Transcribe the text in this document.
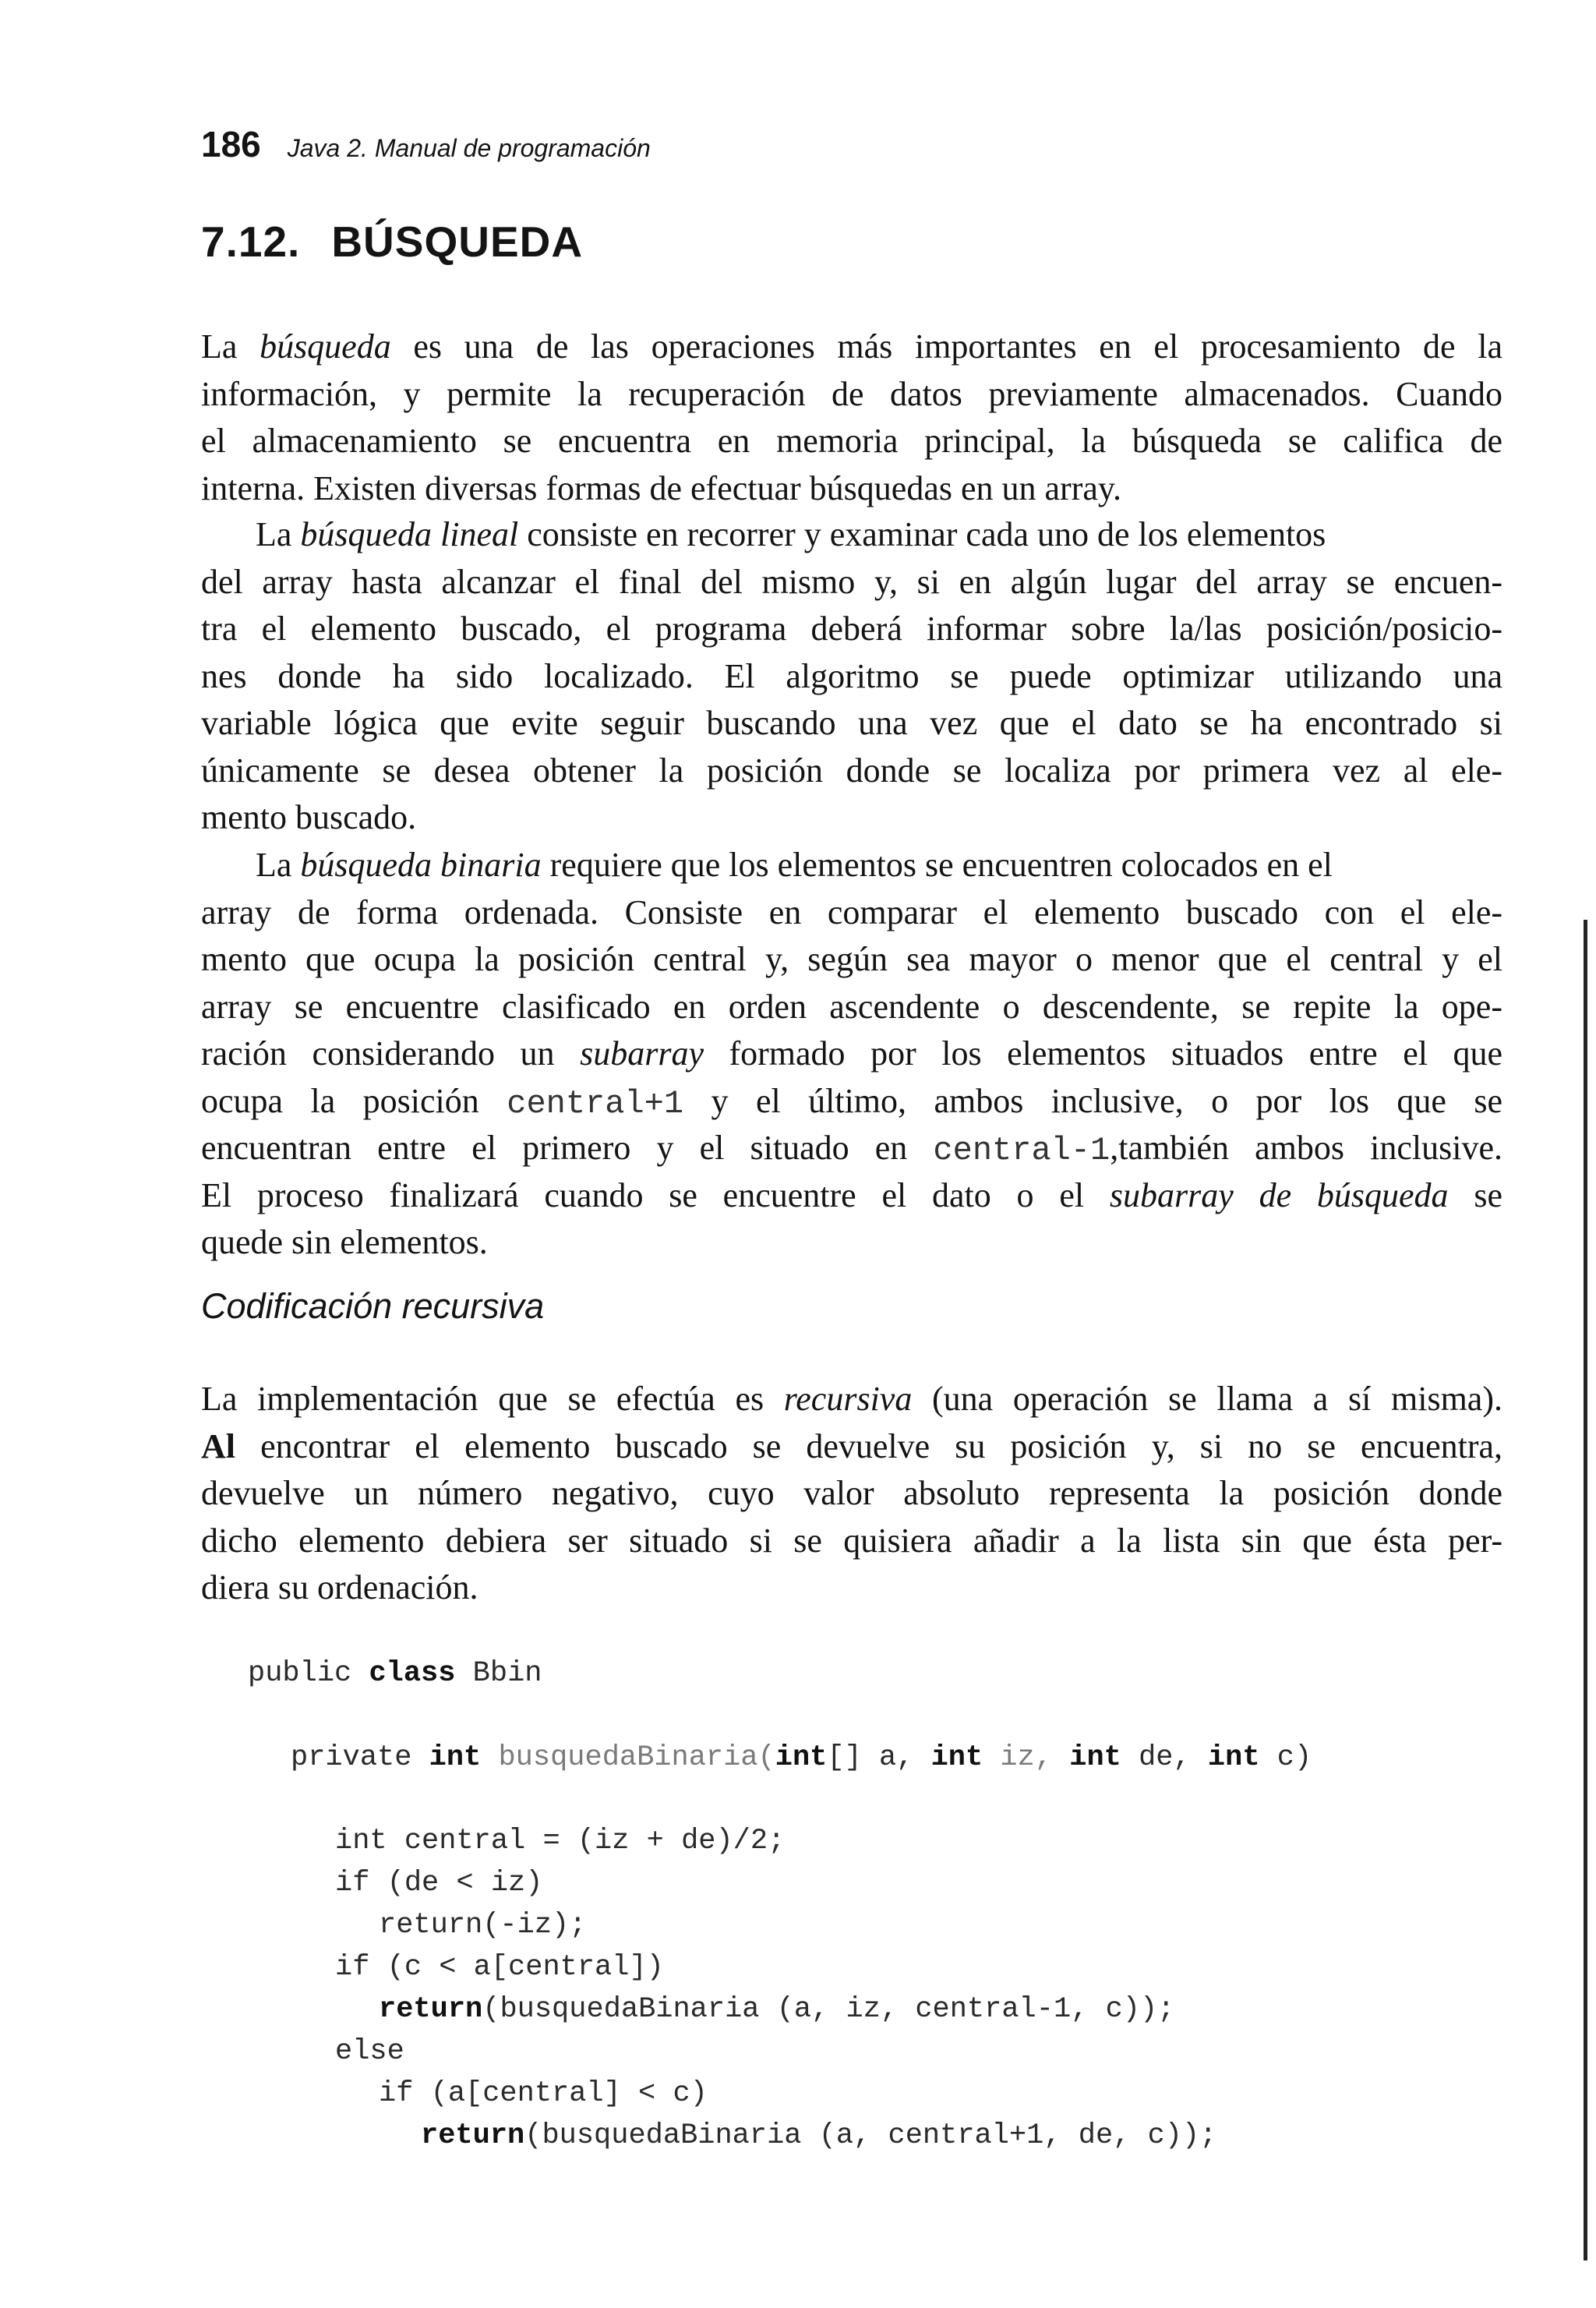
186 Java 2. Manual de programación
7.12. BÚSQUEDA
La búsqueda es una de las operaciones más importantes en el procesamiento de la
información, y permite la recuperación de datos previamente almacenados. Cuando
el almacenamiento se encuentra en memoria principal, la búsqueda se califica de
interna. Existen diversas formas de efectuar búsquedas en un array.
La búsqueda lineal consiste en recorrer y examinar cada uno de los elementos
del array hasta alcanzar el final del mismo y, si en algún lugar del array se encuen-
tra el elemento buscado, el programa deberá informar sobre la/las posición/posicio-
nes donde ha sido localizado. El algoritmo se puede optimizar utilizando una
variable lógica que evite seguir buscando una vez que el dato se ha encontrado si
únicamente se desea obtener la posición donde se localiza por primera vez al ele-
mento buscado.
La búsqueda binaria requiere que los elementos se encuentren colocados en el
array de forma ordenada. Consiste en comparar el elemento buscado con el ele-
mento que ocupa la posición central y, según sea mayor o menor que el central y el
array se encuentre clasificado en orden ascendente o descendente, se repite la ope-
ración considerando un subarray formado por los elementos situados entre el que
ocupa la posición central+1 y el último, ambos inclusive, o por los que se
encuentran entre el primero y el situado en central-1,también ambos inclusive.
El proceso finalizará cuando se encuentre el dato o el subarray de búsqueda se
quede sin elementos.
Codificación recursiva
La implementación que se efectúa es recursiva (una operación se llama a sí misma).
Al encontrar el elemento buscado se devuelve su posición y, si no se encuentra,
devuelve un número negativo, cuyo valor absoluto representa la posición donde
dicho elemento debiera ser situado si se quisiera añadir a la lista sin que ésta per-
diera su ordenación.

public class Bbin

private int busquedaBinaria(int[] a, int iz, int de, int c)

int central = (iz + de)/2;

if (de < iz)

return(-iz);

if (c < a[central])

return(busquedaBinaria (a, iz, central-1, c));

else

if (a[central] < c)

return(busquedaBinaria (a, central+1, de, c));
